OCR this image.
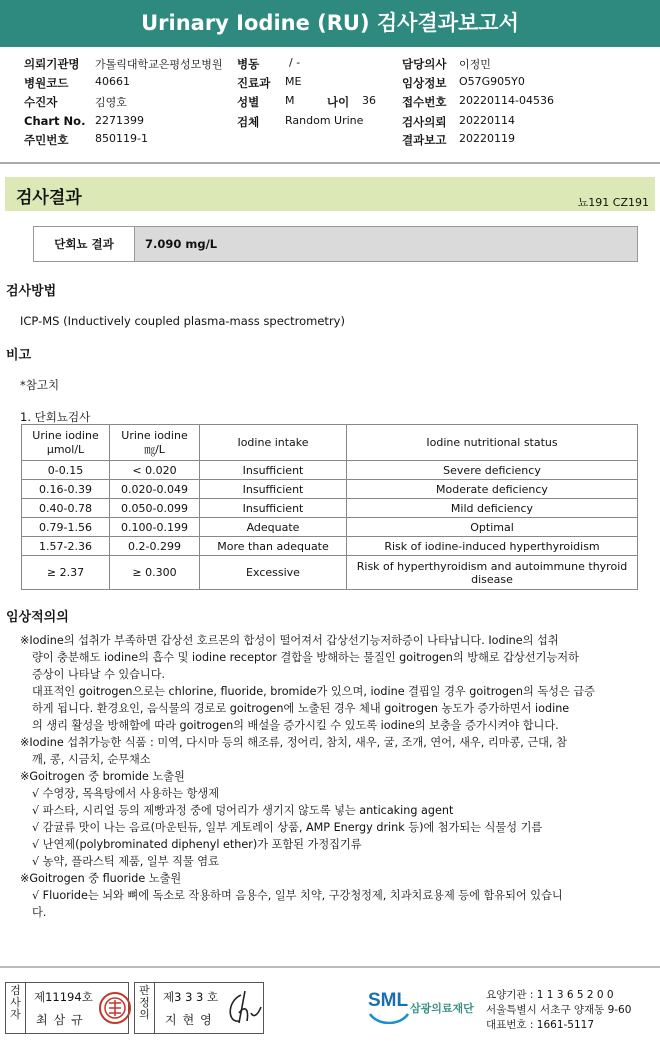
Urinary Iodine (RU) 검사결과보고서
의뢰기관명 가톨릭대학교은평성모병원 병동	/ -	담당의사 이정민
병원코드 40661	진료과 ME	임상정보 O57G905Y0
수진자	김영호	성별 M	나이 36 접수번호 20220114-04536
Chart No. 2271399	검체 Random Urine	검사의뢰 20220114
주민번호 850119-1	결과보고 20220119
검사결과	뇨191 CZ191
단회뇨 결과	7.090 mg/L
검사방법
ICP-MS (Inductively coupled plasma-mass spectrometry)
비고
*참고치
1. 단회뇨검사
Urine iodine μmol/L	Urine iodine ㎎/L	Iodine intake	Iodine nutritional status
0-0.15	< 0.020	Insufficient	Severe deficiency
0.16-0.39	0.020-0.049	Insufficient	Moderate deficiency
0.40-0.78	0.050-0.099	Insufficient	Mild deficiency
0.79-1.56	0.100-0.199	Adequate	Optimal
1.57-2.36	0.2-0.299	More than adequate	Risk of iodine-induced hyperthyroidism
≥ 2.37	≥ 0.300	Excessive	Risk of hyperthyroidism and autoimmune thyroid disease
임상적의의

※Iodine의 섭취가 부족하면 갑상선 호르몬의 합성이 떨어져서 갑상선기능저하증이 나타납니다. Iodine의 섭취

량이 충분해도 iodine의 흡수 및 iodine receptor 결합을 방해하는 물질인 goitrogen의 방해로 갑상선기능저하

증상이 나타날 수 있습니다.

대표적인 goitrogen으로는 chlorine, fluoride, bromide가 있으며, iodine 결핍일 경우 goitrogen의 독성은 급증

하게 됩니다. 환경요인, 음식물의 경로로 goitrogen에 노출된 경우 체내 goitrogen 농도가 증가하면서 iodine

의 생리 활성을 방해함에 따라 goitrogen의 배설을 증가시킬 수 있도록 iodine의 보충을 증가시켜야 합니다.

※Iodine 섭취가능한 식품 : 미역, 다시마 등의 해조류, 정어리, 참치, 새우, 굴, 조개, 연어, 새우, 리마콩, 근대, 참

깨, 콩, 시금치, 순무채소

※Goitrogen 중 bromide 노출원

√ 수영장, 목욕탕에서 사용하는 항생제

√ 파스타, 시리얼 등의 제빵과정 중에 덩어리가 생기지 않도록 넣는 anticaking agent

√ 감귤류 맛이 나는 음료(마운틴듀, 일부 게토레이 상품, AMP Energy drink 등)에 첨가되는 식물성 기름

√ 난연제(polybrominated diphenyl ether)가 포함된 가정집기류

√ 농약, 플라스틱 제품, 일부 직물 염료

※Goitrogen 중 fluoride 노출원

√ Fluoride는 뇌와 뼈에 독소로 작용하며 음용수, 일부 치약, 구강청정제, 치과치료용제 등에 함유되어 있습니

다.

검사자
제11194호
최삼규
판정의
제3 3 3 호
지현영
SML 삼광의료재단
요양기관 : 1 1 3 6 5 2 0 0
서울특별시 서초구 양재동 9-60
대표번호 : 1661-5117
